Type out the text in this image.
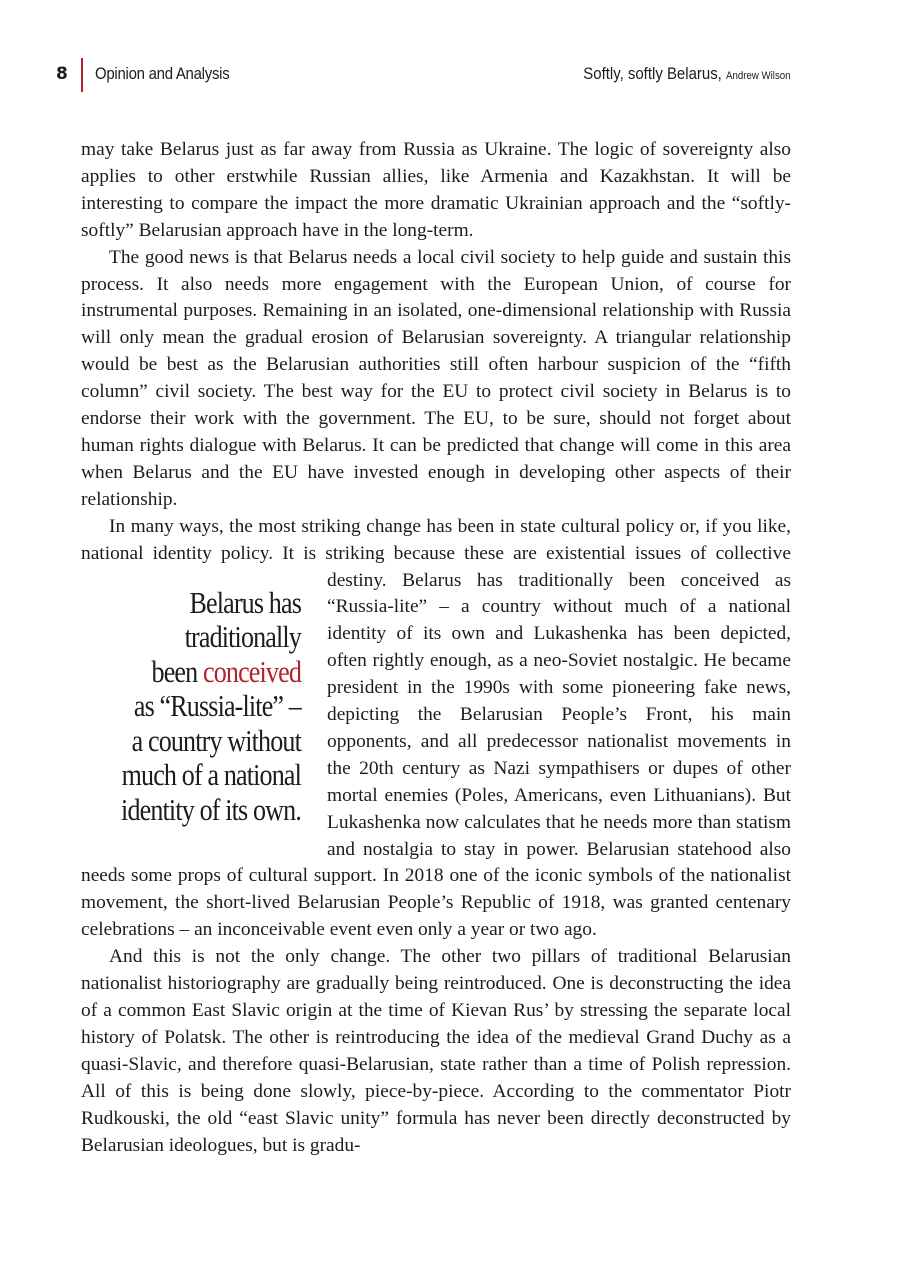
8 Opinion and Analysis	Softly, softly Belarus, Andrew Wilson

may take Belarus just as far away from Russia as Ukraine. The logic of sovereignty also applies to other erstwhile Russian allies, like Armenia and Kazakhstan. It will be interesting to compare the impact the more dramatic Ukrainian approach and the “softly-softly” Belarusian approach have in the long-term.

The good news is that Belarus needs a local civil society to help guide and sustain this process. It also needs more engagement with the European Union, of course for instrumental purposes. Remaining in an isolated, one-dimensional relationship with Russia will only mean the gradual erosion of Belarusian sovereignty. A triangular relationship would be best as the Belarusian authorities still often harbour suspicion of the “fifth column” civil society. The best way for the EU to protect civil society in Belarus is to endorse their work with the government. The EU, to be sure, should not forget about human rights dialogue with Belarus. It can be predicted that change will come in this area when Belarus and the EU have invested enough in developing other aspects of their relationship.

In many ways, the most striking change has been in state cultural policy or, if you like, national identity policy. It is striking because these are existential issues
Belarus has
traditionally
been conceived
as “Russia-lite” –
a country without
much of a national
identity of its own.
of collective destiny. Belarus has traditionally been conceived as “Russia-lite” – a country without much of a national identity of its own and Lukashenka has been depicted, often rightly enough, as a neo-Soviet nostalgic. He became president in the 1990s with some pioneering fake news, depicting the Belarusian People’s Front, his main opponents, and all predecessor nationalist movements in the 20th century as Nazi sympathisers or dupes of other mortal enemies (Poles, Americans, even Lithuanians). But Lukashenka now calculates that he needs more than statism and nostalgia to stay in power. Belarusian statehood also needs some props of cultural support. In 2018 one of the iconic symbols of the nationalist movement, the short-lived Belarusian People’s Republic of 1918, was granted centenary celebrations – an inconceivable event even only a year or two ago.

And this is not the only change. The other two pillars of traditional Belarusian nationalist historiography are gradually being reintroduced. One is deconstructing the idea of a common East Slavic origin at the time of Kievan Rus’ by stressing the separate local history of Polatsk. The other is reintroducing the idea of the medieval Grand Duchy as a quasi-Slavic, and therefore quasi-Belarusian, state rather than a time of Polish repression. All of this is being done slowly, piece-by-piece. According to the commentator Piotr Rudkouski, the old “east Slavic unity” formula has never been directly deconstructed by Belarusian ideologues, but is gradu-
